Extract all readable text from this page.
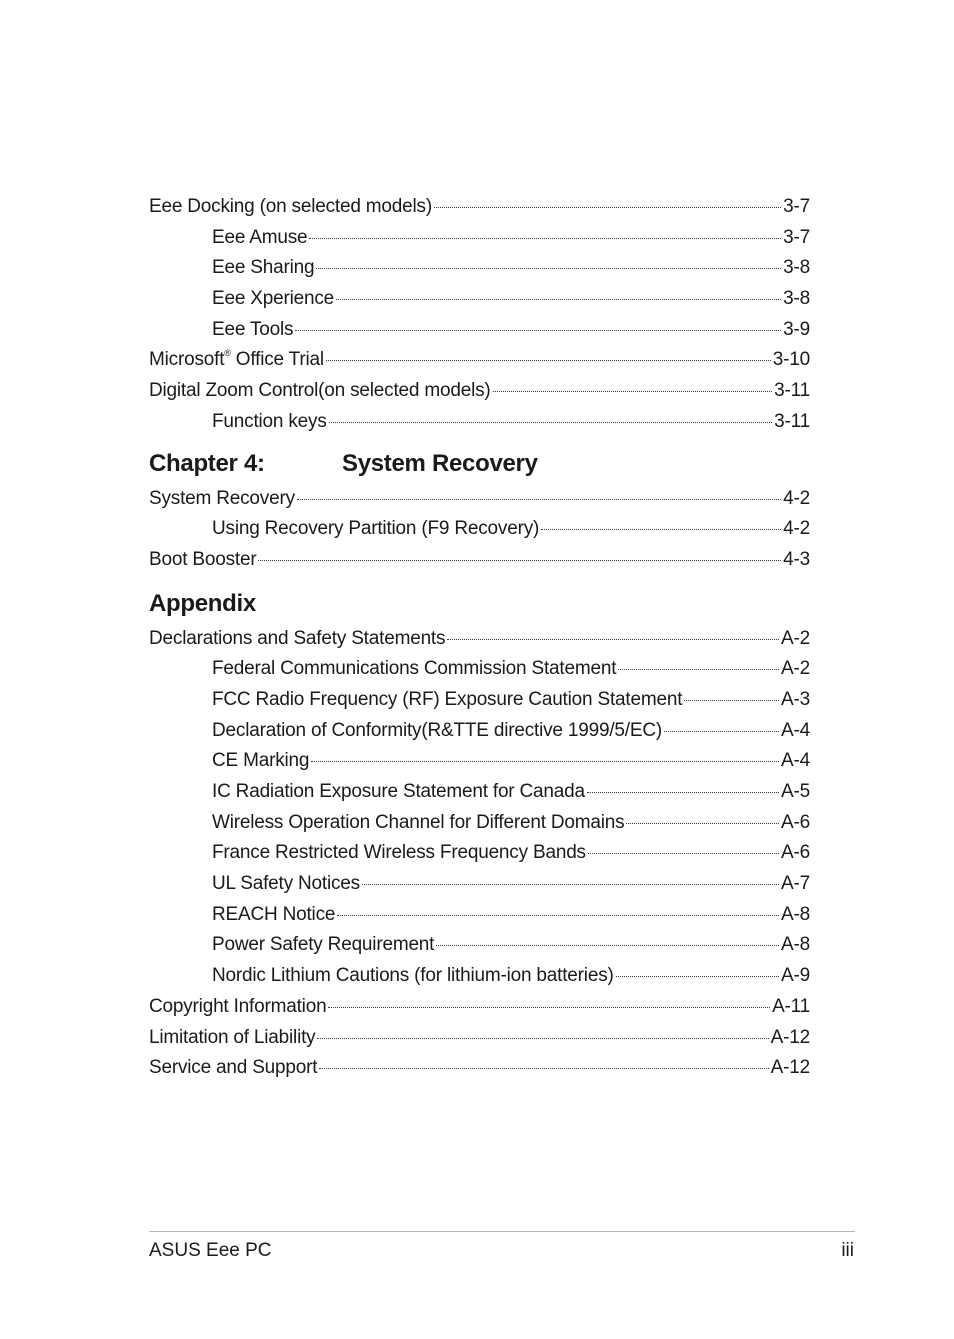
Eee Docking (on selected models)	3-7
Eee Amuse	3-7
Eee Sharing	3-8
Eee Xperience	3-8
Eee Tools	3-9
Microsoft® Office Trial	3-10
Digital Zoom Control(on selected models)	3-11
Function keys	3-11
Chapter 4:	System Recovery
System Recovery	4-2
Using Recovery Partition (F9 Recovery)	4-2
Boot Booster	4-3
Appendix
Declarations and Safety Statements	A-2
Federal Communications Commission Statement	A-2
FCC Radio Frequency (RF) Exposure Caution Statement	A-3
Declaration of Conformity(R&TTE directive 1999/5/EC)	A-4
CE Marking	A-4
IC Radiation Exposure Statement for Canada	A-5
Wireless Operation Channel for Different Domains	A-6
France Restricted Wireless Frequency Bands	A-6
UL Safety Notices	A-7
REACH Notice	A-8
Power Safety Requirement	A-8
Nordic Lithium Cautions (for lithium-ion batteries)	A-9
Copyright Information	A-11
Limitation of Liability	A-12
Service and Support	A-12
ASUS Eee PC	iii
